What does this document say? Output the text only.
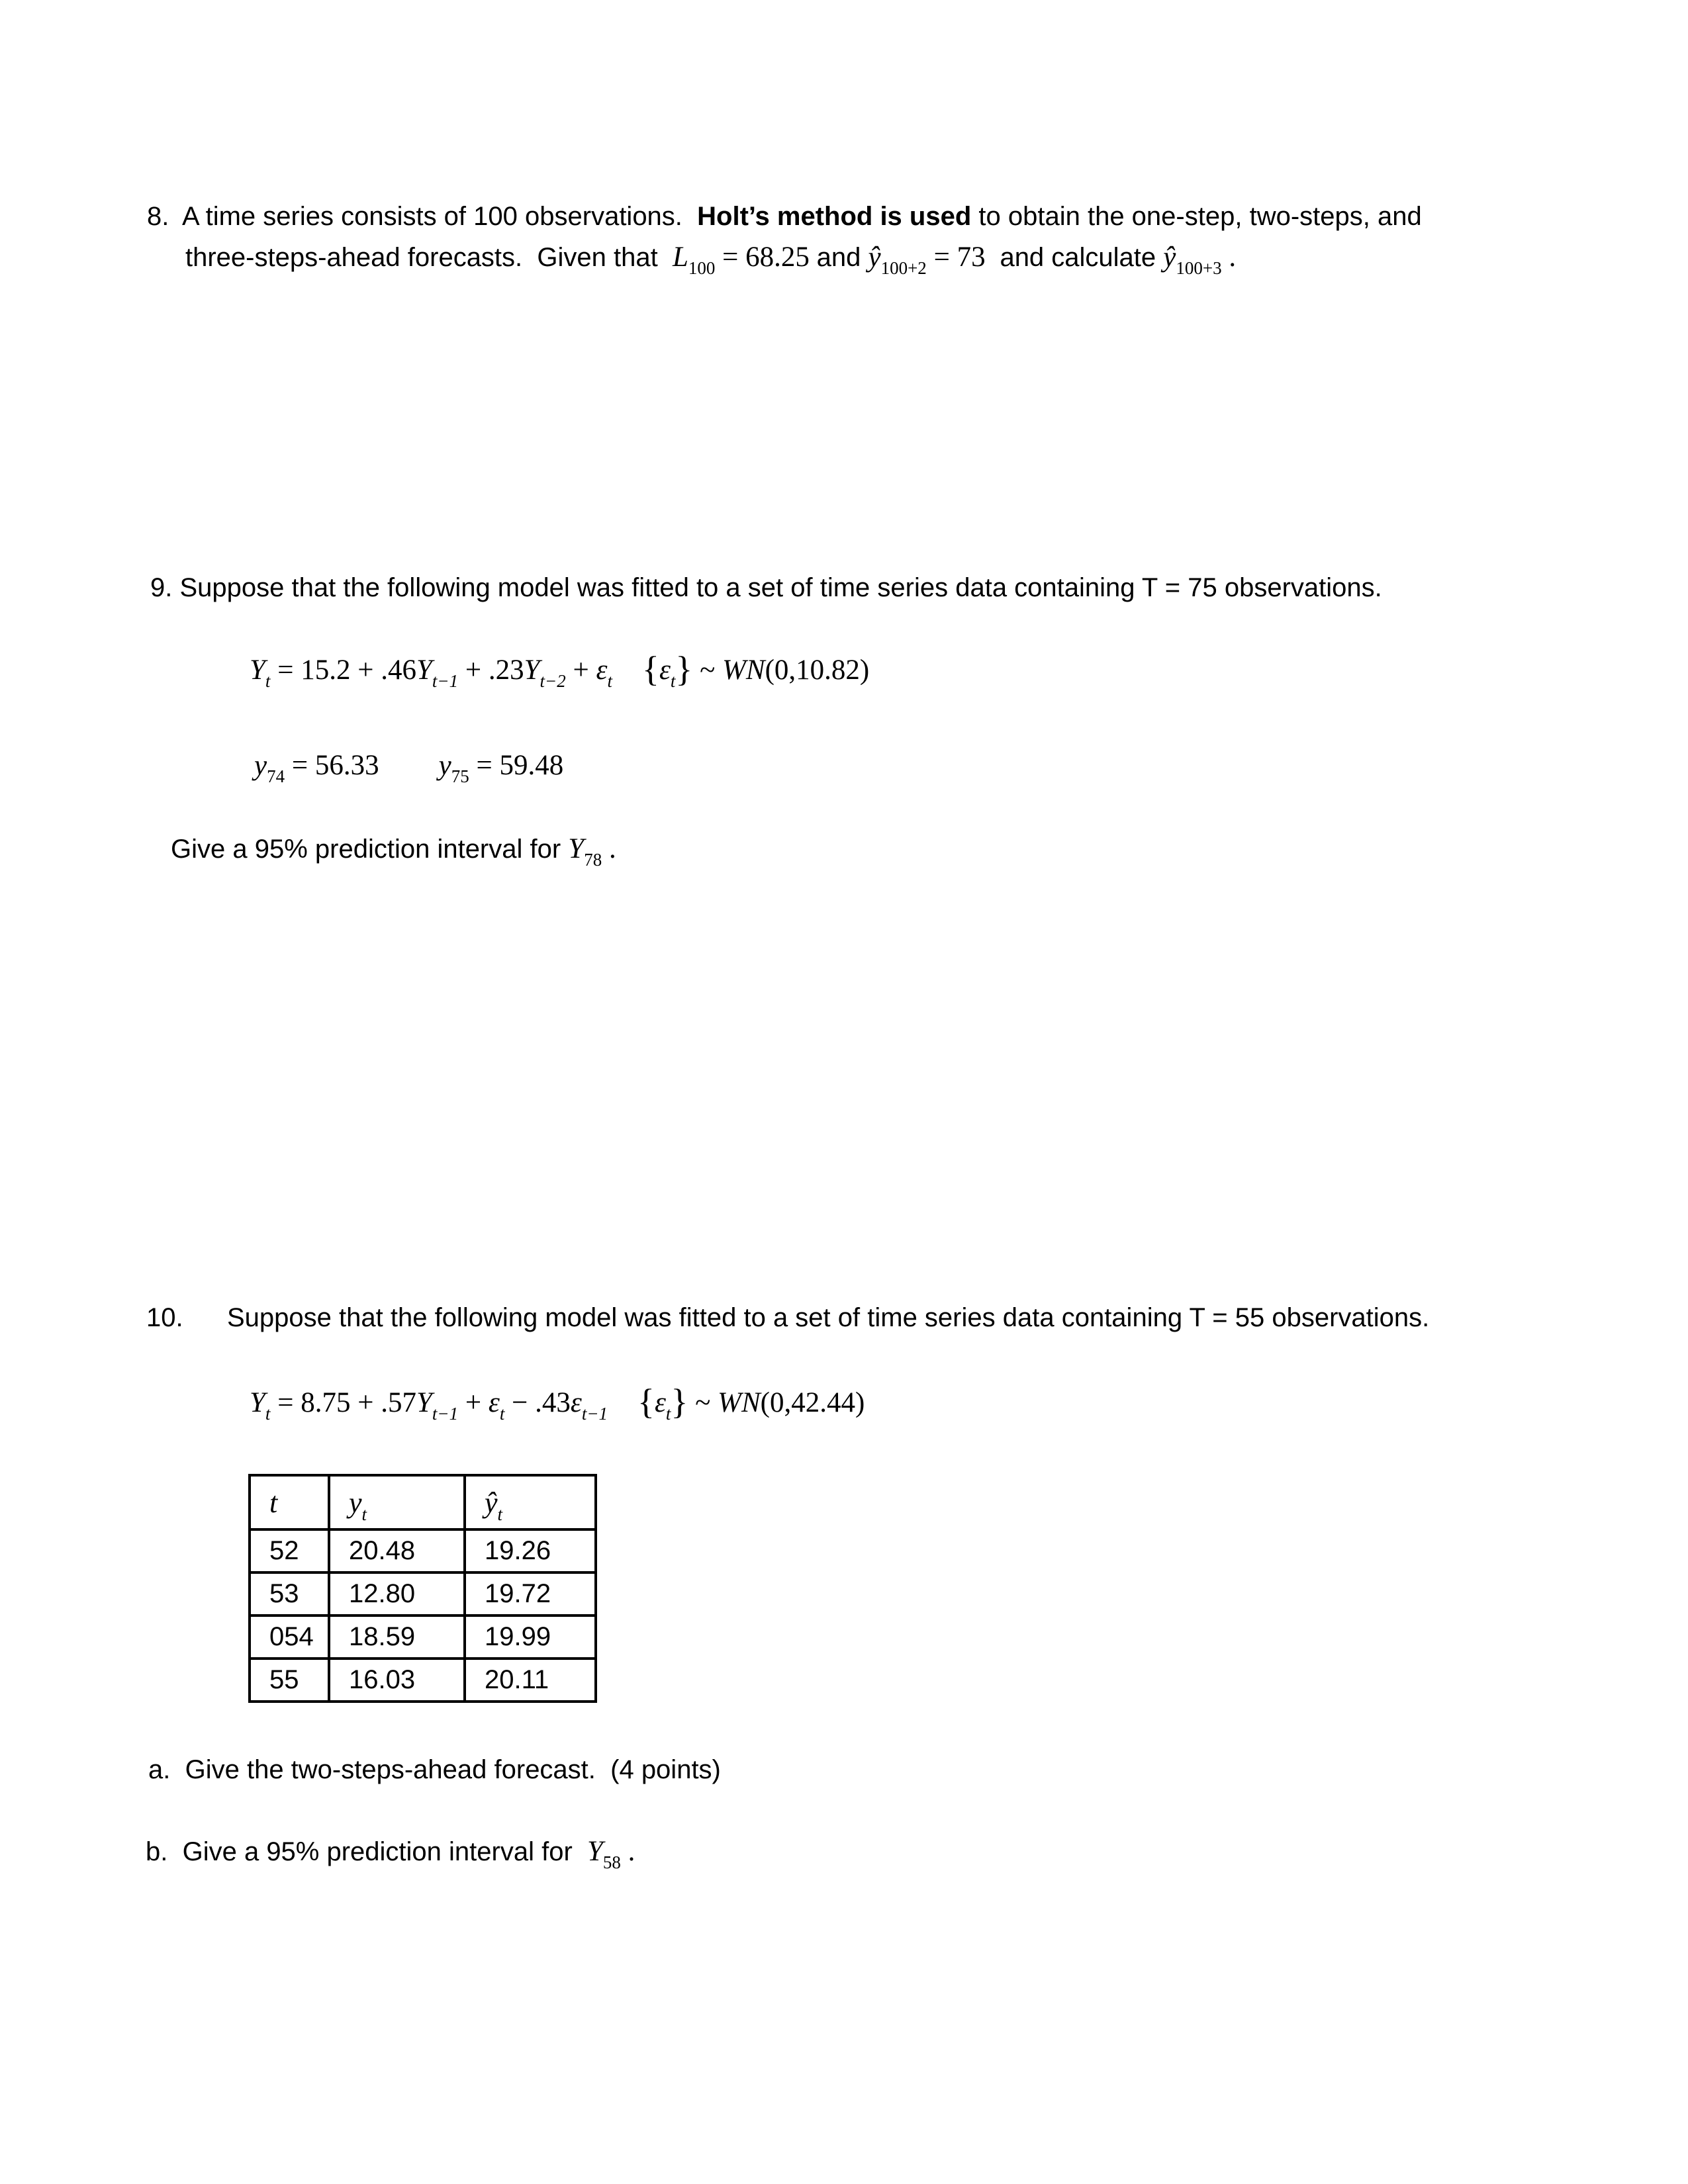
8. A time series consists of 100 observations.  Holt’s method is used to obtain the one-step, two-steps, and
three-steps-ahead forecasts.  Given that  $L_{100} = 68.25$ and $ŷ_{100+2} = 73$  and calculate $ŷ_{100+3}$ .
9. Suppose that the following model was fitted to a set of time series data containing T = 75 observations.
$Y_t = 15.2 + .46Y_{t-1} + .23Y_{t-2} + \varepsilon_t$ $\{\varepsilon_t\}$ ~ WN(0,10.82)
$y_{74} = 56.33$ $y_{75} = 59.48$
Give a 95% prediction interval for $Y_{78}$ .
10. Suppose that the following model was fitted to a set of time series data containing T = 55 observations.
$Y_t = 8.75 + .57Y_{t-1} + \varepsilon_t - .43\varepsilon_{t-1}$ $\{\varepsilon_t\}$ ~ WN(0,42.44)
t	$y_t$	$ŷ_t$
52	20.48	19.26
53	12.80	19.72
054	18.59	19.99
55	16.03	20.11
a.  Give the two-steps-ahead forecast.  (4 points)
b.  Give a 95% prediction interval for  $Y_{58}$ .
